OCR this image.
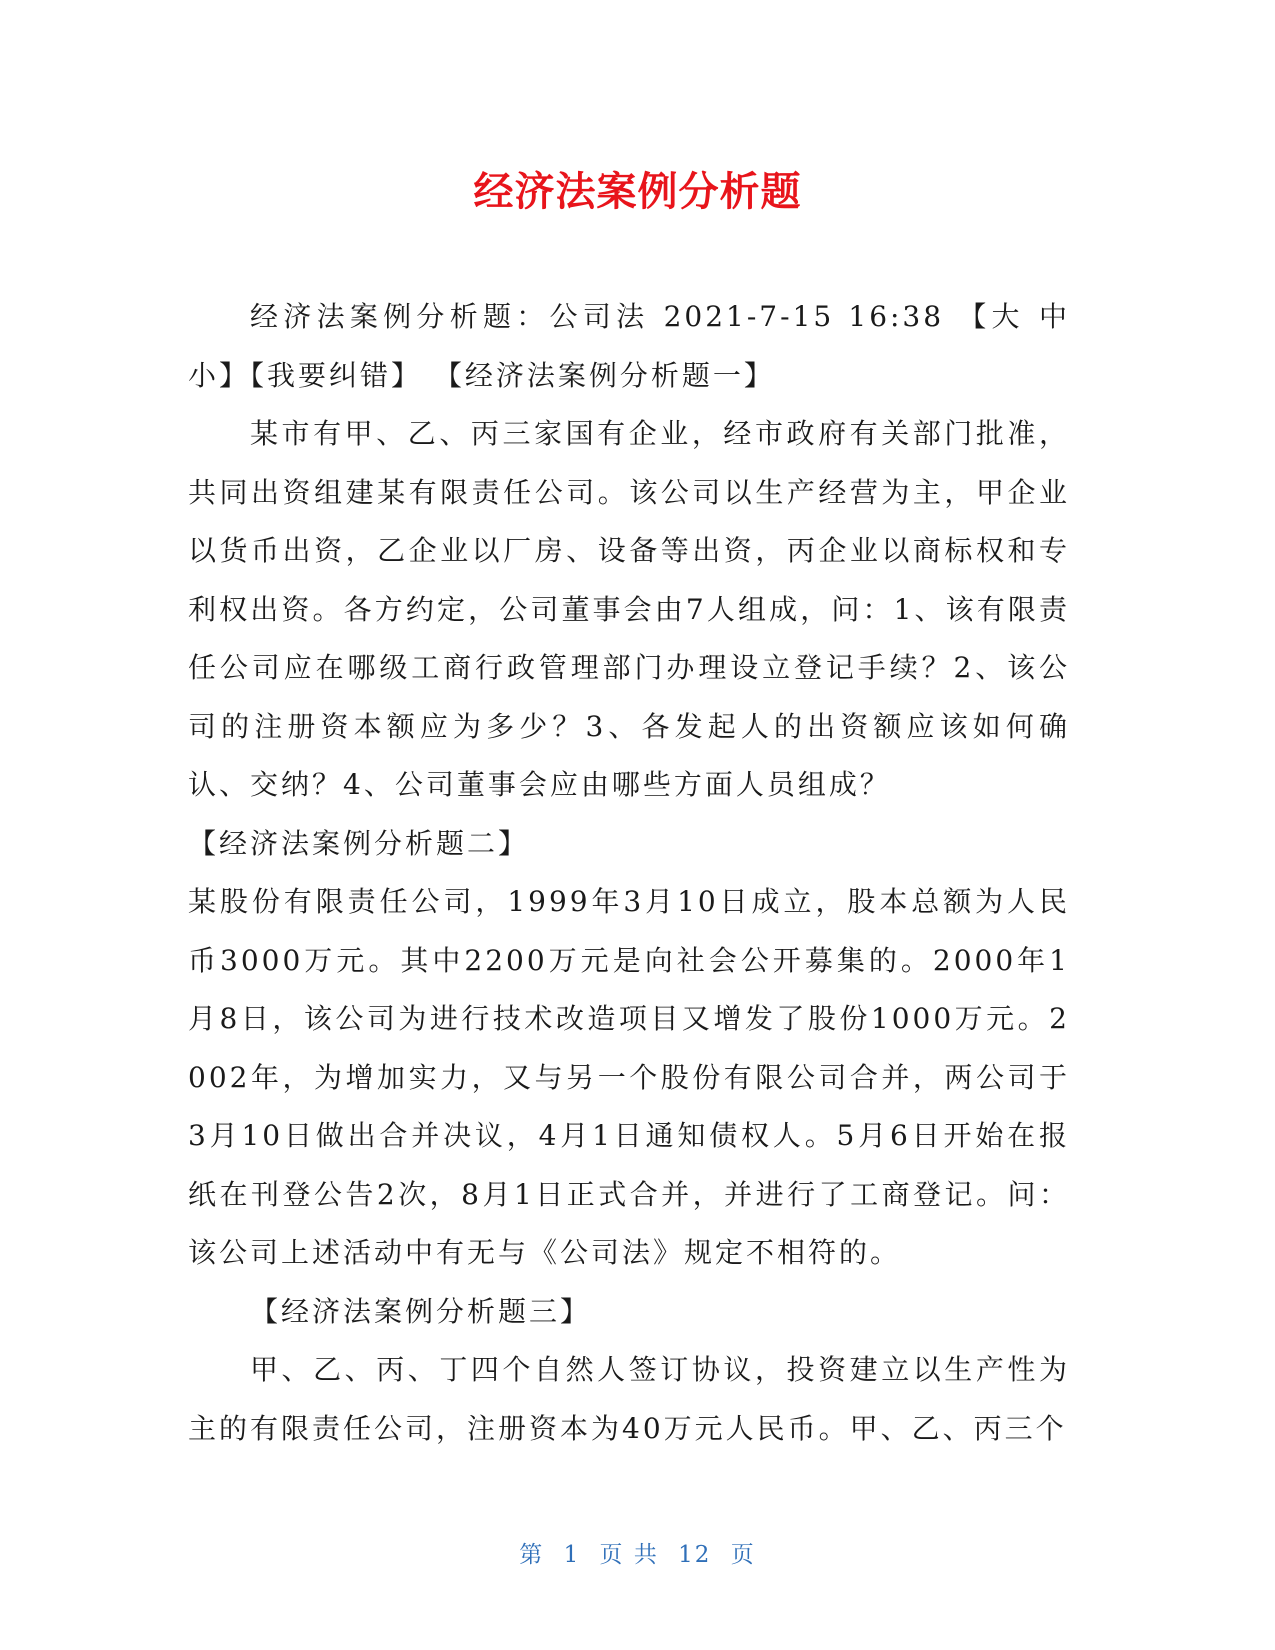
经济法案例分析题

经济法案例分析题：公司法 2021-7-15 16:38 【大 中 小】【我要纠错】 【经济法案例分析题一】

某市有甲、乙、丙三家国有企业，经市政府有关部门批准，共同出资组建某有限责任公司。该公司以生产经营为主，甲企业以货币出资，乙企业以厂房、设备等出资，丙企业以商标权和专利权出资。各方约定，公司董事会由7人组成，问：1、该有限责任公司应在哪级工商行政管理部门办理设立登记手续？2、该公司的注册资本额应为多少？3、各发起人的出资额应该如何确认、交纳？4、公司董事会应由哪些方面人员组成？

【经济法案例分析题二】

某股份有限责任公司，1999年3月10日成立，股本总额为人民币3000万元。其中2200万元是向社会公开募集的。2000年1月8日，该公司为进行技术改造项目又增发了股份1000万元。2002年，为增加实力，又与另一个股份有限公司合并，两公司于3月10日做出合并决议，4月1日通知债权人。5月6日开始在报纸在刊登公告2次，8月1日正式合并，并进行了工商登记。问：该公司上述活动中有无与《公司法》规定不相符的。

【经济法案例分析题三】

甲、乙、丙、丁四个自然人签订协议，投资建立以生产性为主的有限责任公司，注册资本为40万元人民币。甲、乙、丙三个

第 1 页 共 12 页
